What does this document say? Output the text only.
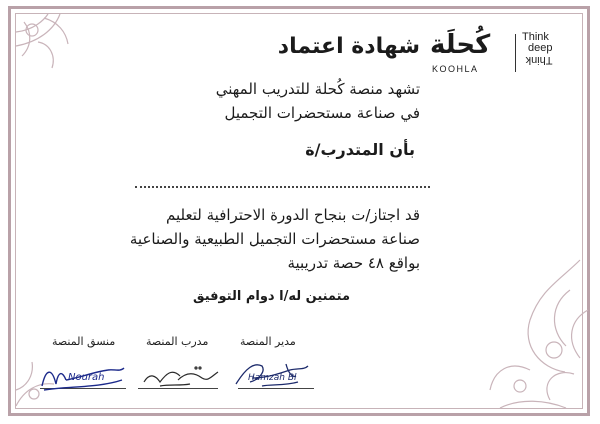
كُحلَة
KOOHLA
Think
deep
Think
شهادة اعتماد
تشهد منصة كُحلة للتدريب المهني
في صناعة مستحضرات التجميل
بأن المتدرب/ة
قد اجتاز/ت بنجاح الدورة الاحترافية لتعليم
صناعة مستحضرات التجميل الطبيعية والصناعية
بواقع ٤٨ حصة تدريبية
متمنين له/ا دوام التوفيق
مدير المنصة
مدرب المنصة
منسق المنصة
Hamzah Bl
Nourah
